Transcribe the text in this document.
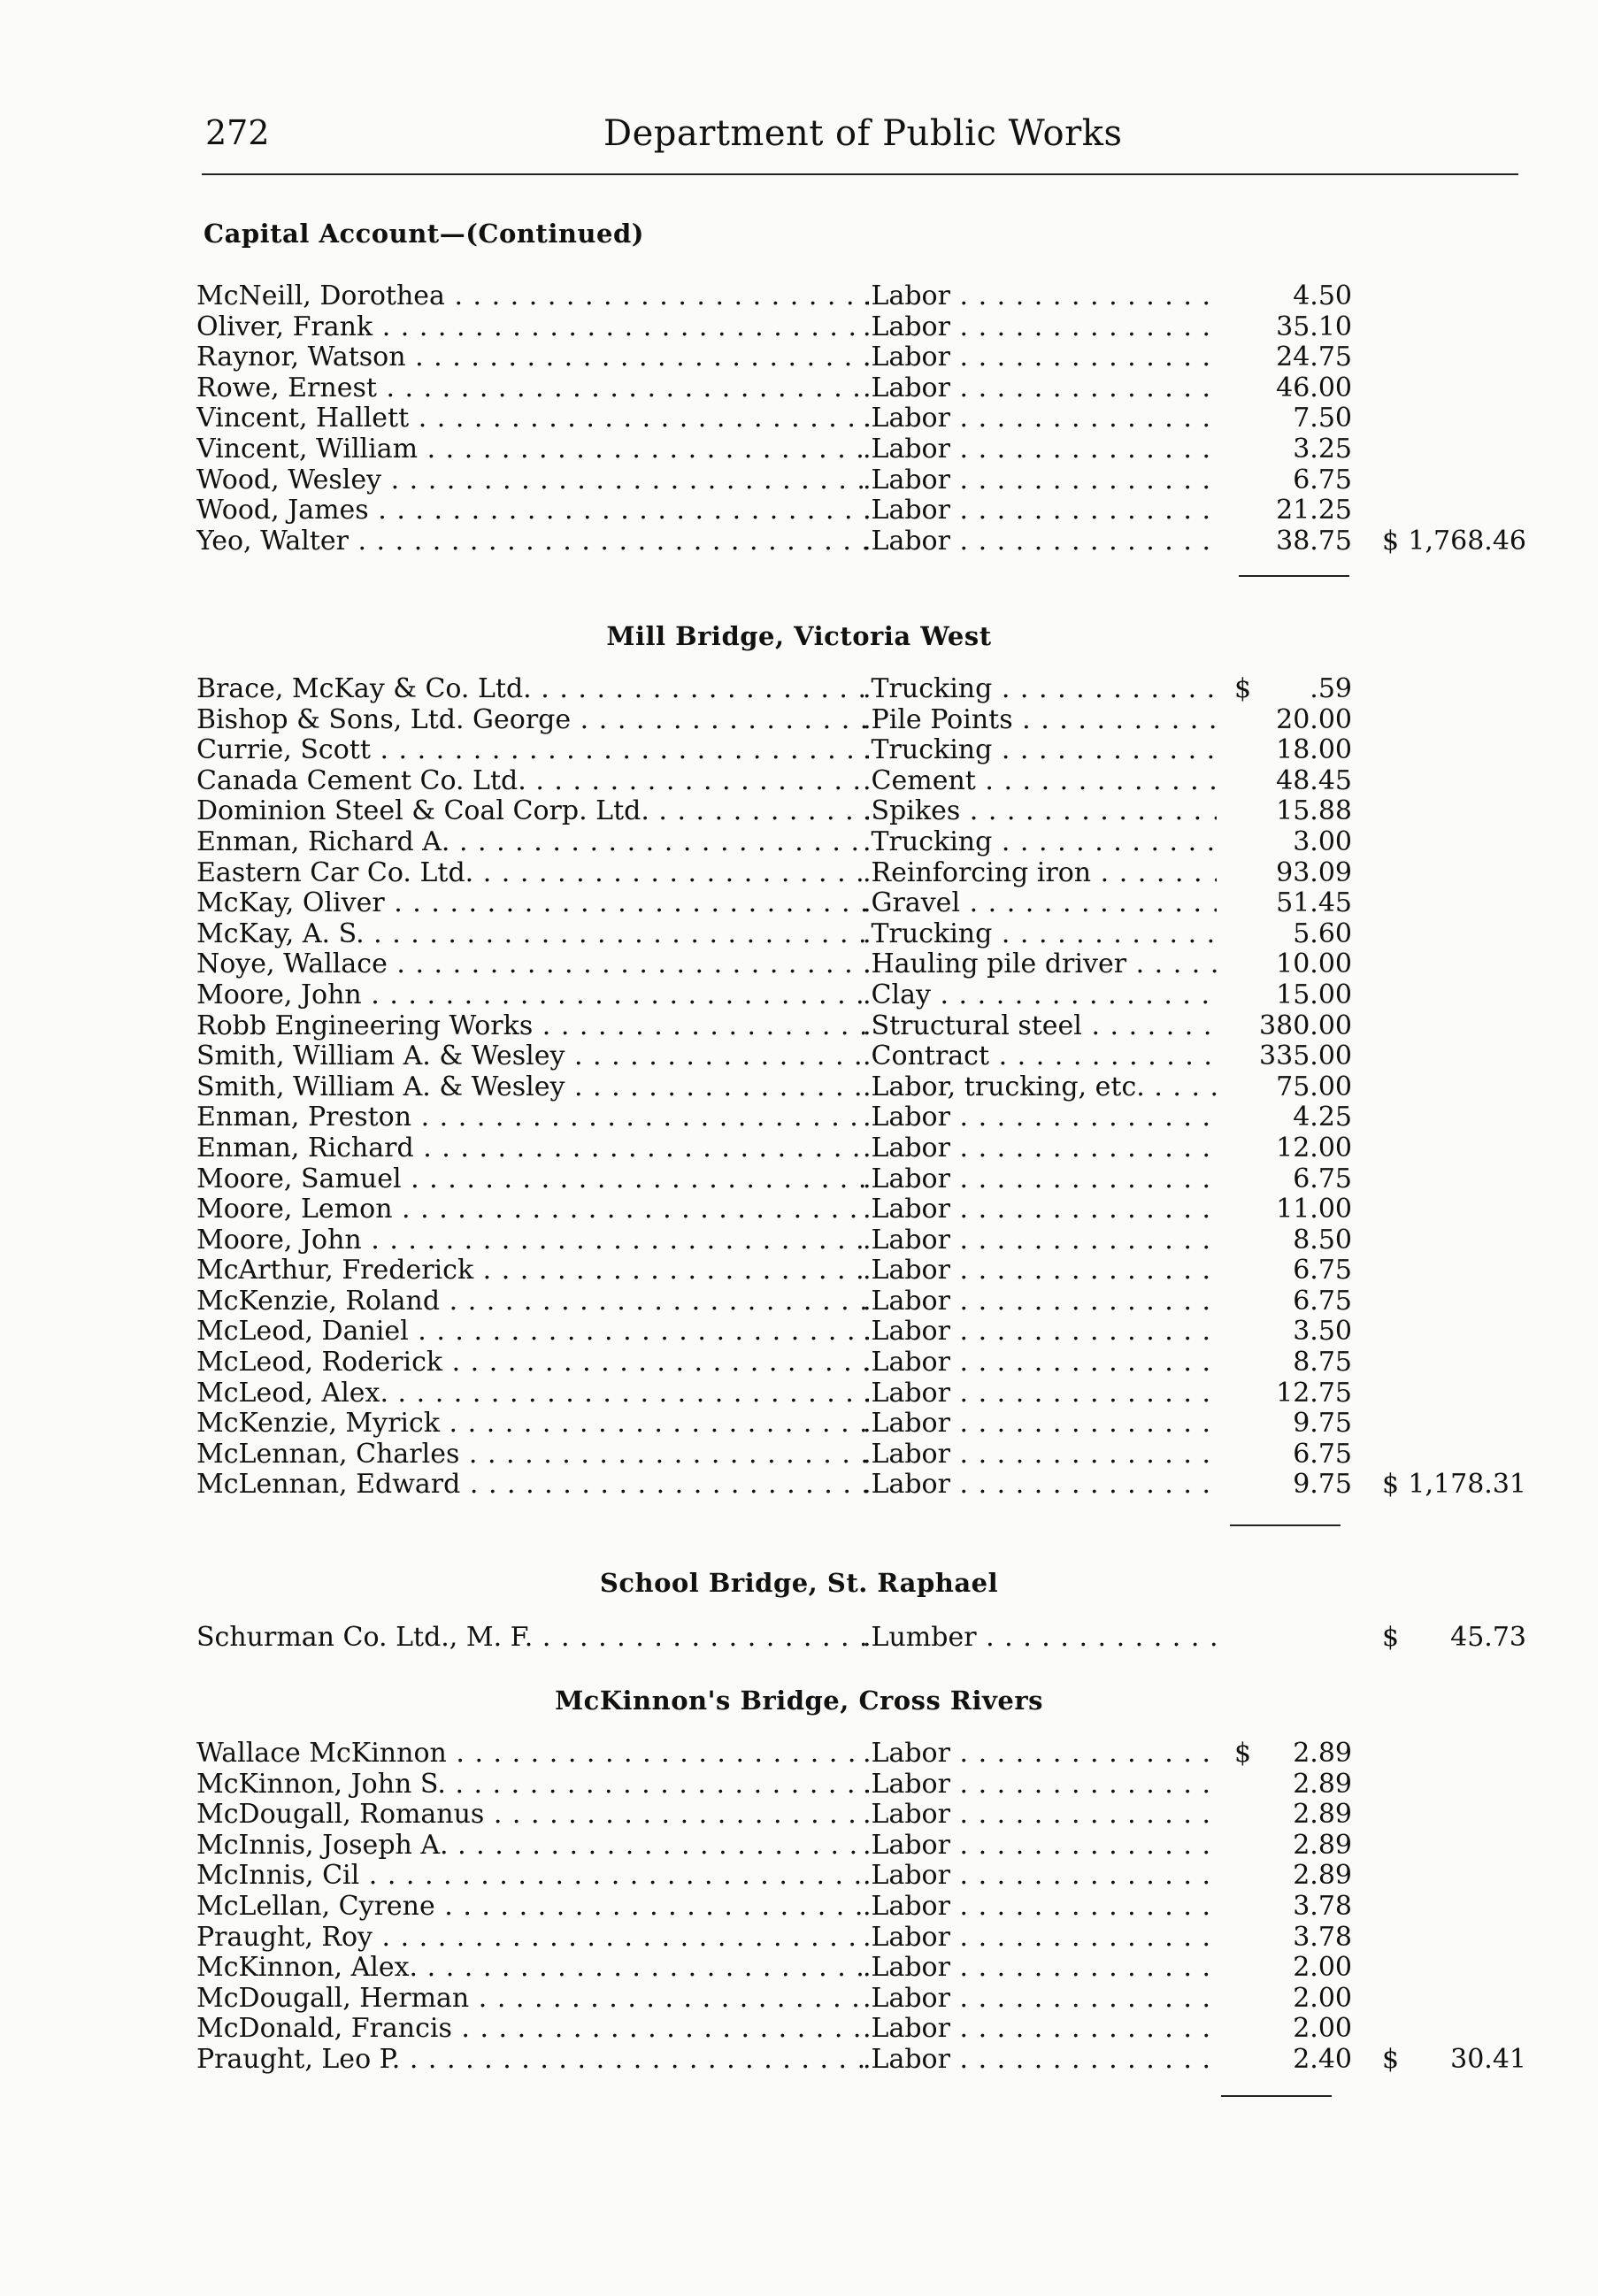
272	Department of Public Works
Capital Account—(Continued)
McNeill, Dorothea . . .	. Labor . . .	4.50
Oliver, Frank . . .	. Labor . . .	35.10
Raynor, Watson . . .	. Labor . . .	24.75
Rowe, Ernest . . .	. Labor . . .	46.00
Vincent, Hallett . . .	. Labor . . .	7.50
Vincent, William . . .	. Labor . . .	3.25
Wood, Wesley . . .	. Labor . . .	6.75
Wood, James . . .	. Labor . . .	21.25
Yeo, Walter . . .	. Labor . . .	38.75 $ 1,768.46
Mill Bridge, Victoria West
Brace, McKay & Co. Ltd. . . .	. Trucking . . .	$	.59
Bishop & Sons, Ltd. George . . .	. Pile Points . . .	20.00
Currie, Scott . . .	. Trucking . . .	18.00
Canada Cement Co. Ltd. . . .	. Cement . . .	48.45
Dominion Steel & Coal Corp. Ltd. . . .	. Spikes . . .	15.88
Enman, Richard A. . . .	. Trucking . . .	3.00
Eastern Car Co. Ltd. . . .	. Reinforcing iron . . .	93.09
McKay, Oliver . . .	. Gravel . . .	51.45
McKay, A. S. . . .	. Trucking . . .	5.60
Noye, Wallace . . .	. Hauling pile driver . . .	10.00
Moore, John . . .	. Clay . . .	15.00
Robb Engineering Works . . .	. Structural steel . . .	380.00
Smith, William A. & Wesley . . .	. Contract . . .	335.00
Smith, William A. & Wesley . . .	. Labor, trucking, etc. . . .	75.00
Enman, Preston . . .	. Labor . . .	4.25
Enman, Richard . . .	. Labor . . .	12.00
Moore, Samuel . . .	. Labor . . .	6.75
Moore, Lemon . . .	. Labor . . .	11.00
Moore, John . . .	. Labor . . .	8.50
McArthur, Frederick . . .	. Labor . . .	6.75
McKenzie, Roland . . .	. Labor . . .	6.75
McLeod, Daniel . . .	. Labor . . .	3.50
McLeod, Roderick . . .	. Labor . . .	8.75
McLeod, Alex. . . .	. Labor . . .	12.75
McKenzie, Myrick . . .	. Labor . . .	9.75
McLennan, Charles . . .	. Labor . . .	6.75
McLennan, Edward . . .	. Labor . . .	9.75 $ 1,178.31
School Bridge, St. Raphael
Schurman Co. Ltd., M. F. . . .	. Lumber . . .	$	45.73
McKinnon's Bridge, Cross Rivers
Wallace McKinnon . . .	. Labor . . .	$	2.89
McKinnon, John S. . . .	. Labor . . .	2.89
McDougall, Romanus . . .	. Labor . . .	2.89
McInnis, Joseph A. . . .	. Labor . . .	2.89
McInnis, Cil . . .	. Labor . . .	2.89
McLellan, Cyrene . . .	. Labor . . .	3.78
Praught, Roy . . .	. Labor . . .	3.78
McKinnon, Alex. . . .	. Labor . . .	2.00
McDougall, Herman . . .	. Labor . . .	2.00
McDonald, Francis . . .	. Labor . . .	2.00
Praught, Leo P. . . .	. Labor . . .	2.40 $	30.41
